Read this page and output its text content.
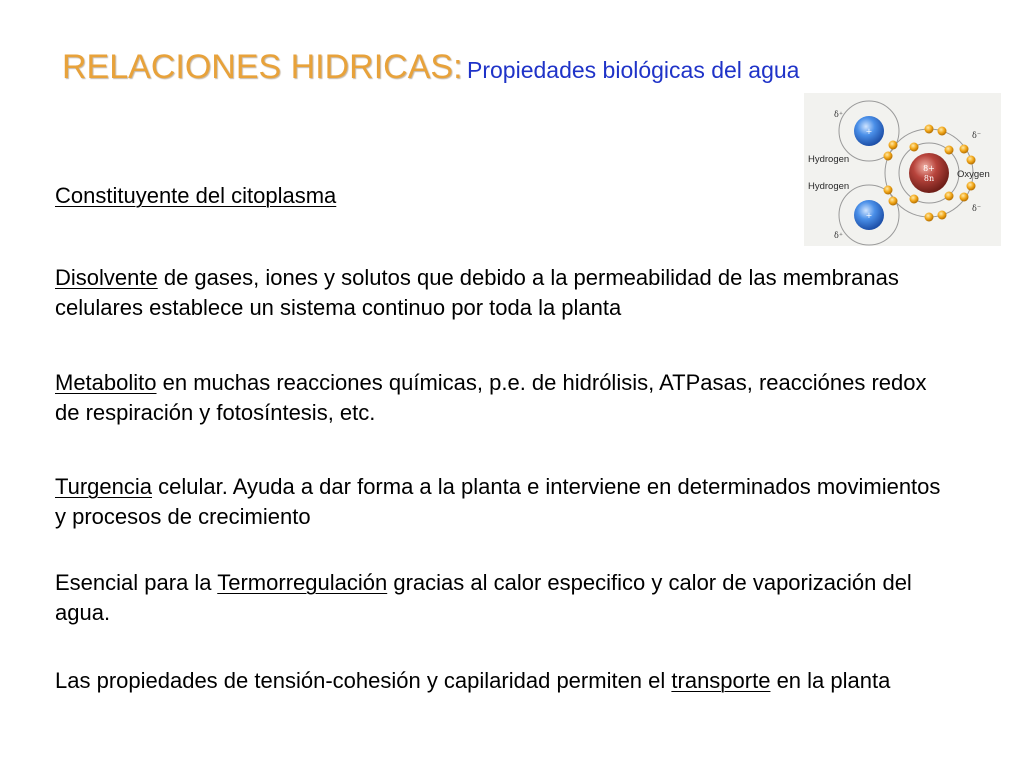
RELACIONES HIDRICAS: Propiedades biológicas del agua
+
+
8+
8n
Hydrogen
Hydrogen
Oxygen
δ⁺
δ⁺
δ⁻
δ⁻
Constituyente del citoplasma
Disolvente de gases, iones y solutos que debido a la permeabilidad de las membranas celulares establece un sistema continuo por toda la planta
Metabolito en muchas reacciones químicas, p.e. de hidrólisis, ATPasas, reacciónes redox de respiración y fotosíntesis, etc.
Turgencia celular. Ayuda a dar forma a la planta e interviene en determinados movimientos y procesos de crecimiento
Esencial para la Termorregulación gracias al calor especifico y calor de vaporización del agua.
Las propiedades de tensión-cohesión y capilaridad permiten el transporte en la planta
